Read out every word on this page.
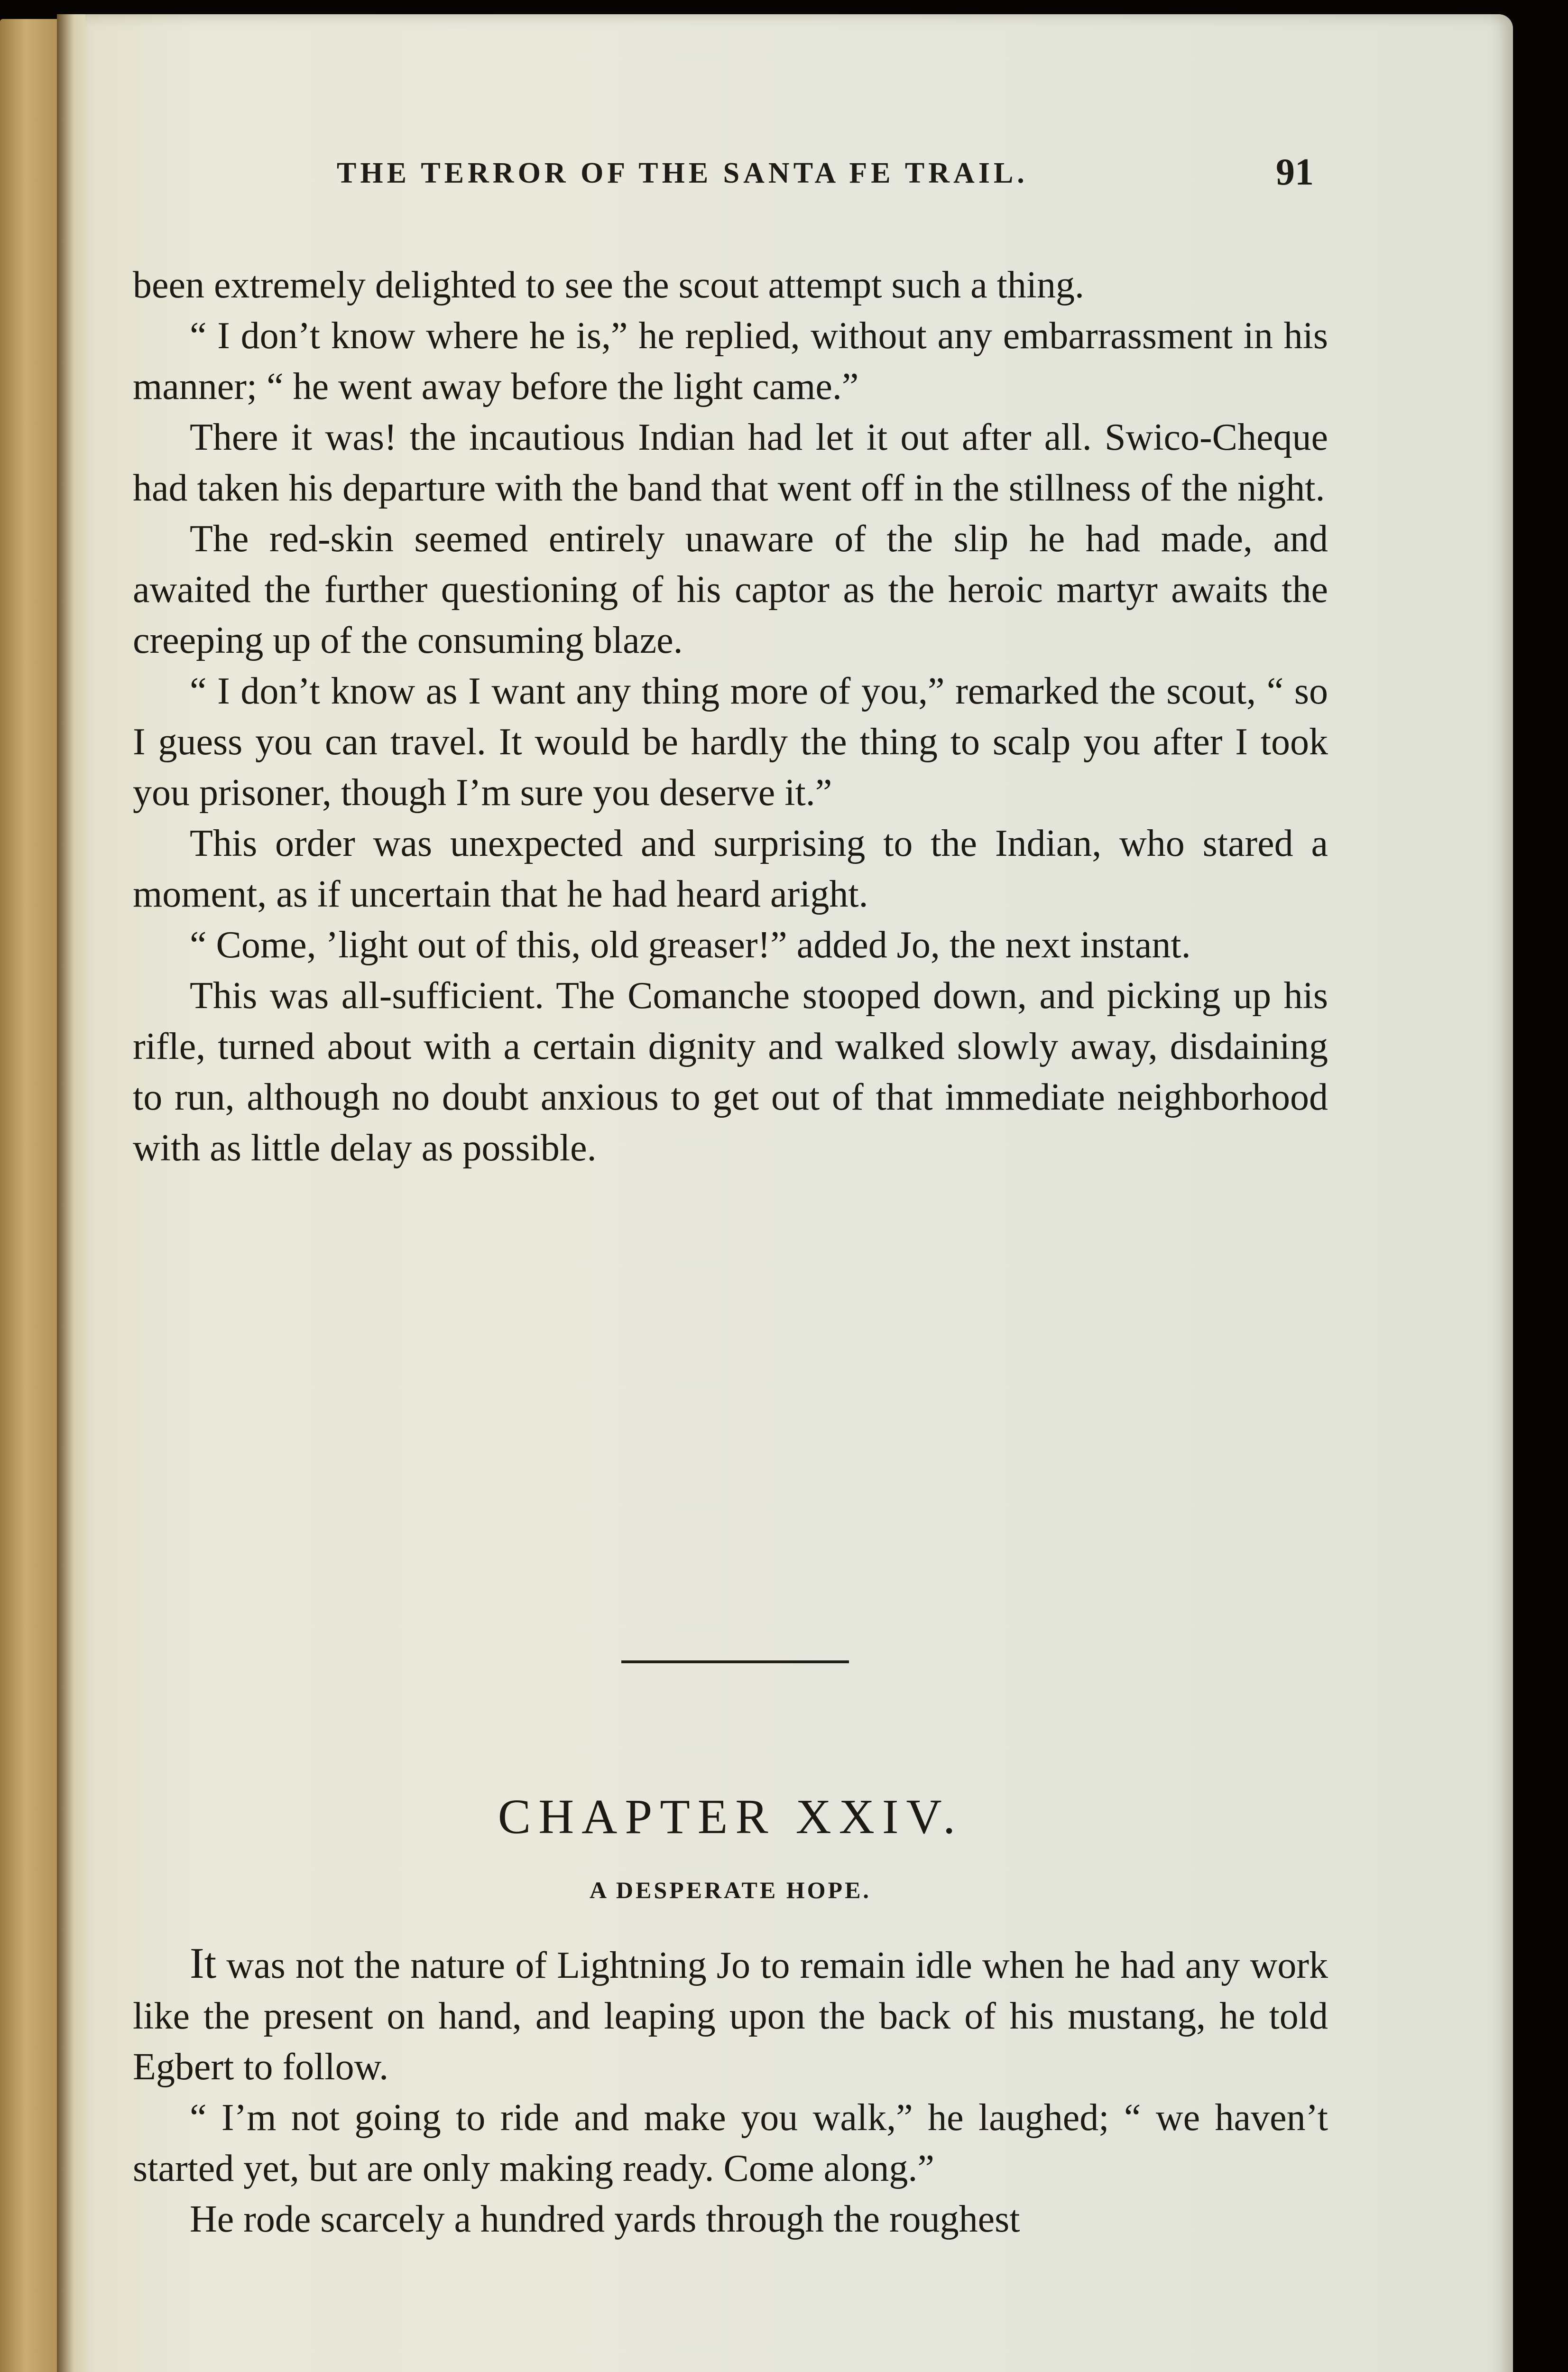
THE TERROR OF THE SANTA FE TRAIL.	91

been extremely delighted to see the scout attempt such a thing.

“ I don’t know where he is,” he replied, without any embarrassment in his manner; “ he went away before the light came.”

There it was! the incautious Indian had let it out after all. Swico-Cheque had taken his departure with the band that went off in the stillness of the night.

The red-skin seemed entirely unaware of the slip he had made, and awaited the further questioning of his captor as the heroic martyr awaits the creeping up of the consuming blaze.

“ I don’t know as I want any thing more of you,” remarked the scout, “ so I guess you can travel. It would be hardly the thing to scalp you after I took you prisoner, though I’m sure you deserve it.”

This order was unexpected and surprising to the Indian, who stared a moment, as if uncertain that he had heard aright.

“ Come, ’light out of this, old greaser!” added Jo, the next instant.

This was all-sufficient. The Comanche stooped down, and picking up his rifle, turned about with a certain dignity and walked slowly away, disdaining to run, although no doubt anxious to get out of that immediate neighborhood with as little delay as possible.

CHAPTER XXIV.
A DESPERATE HOPE.

It was not the nature of Lightning Jo to remain idle when he had any work like the present on hand, and leaping upon the back of his mustang, he told Egbert to follow.

“ I’m not going to ride and make you walk,” he laughed; “ we haven’t started yet, but are only making ready. Come along.”

He rode scarcely a hundred yards through the roughest
